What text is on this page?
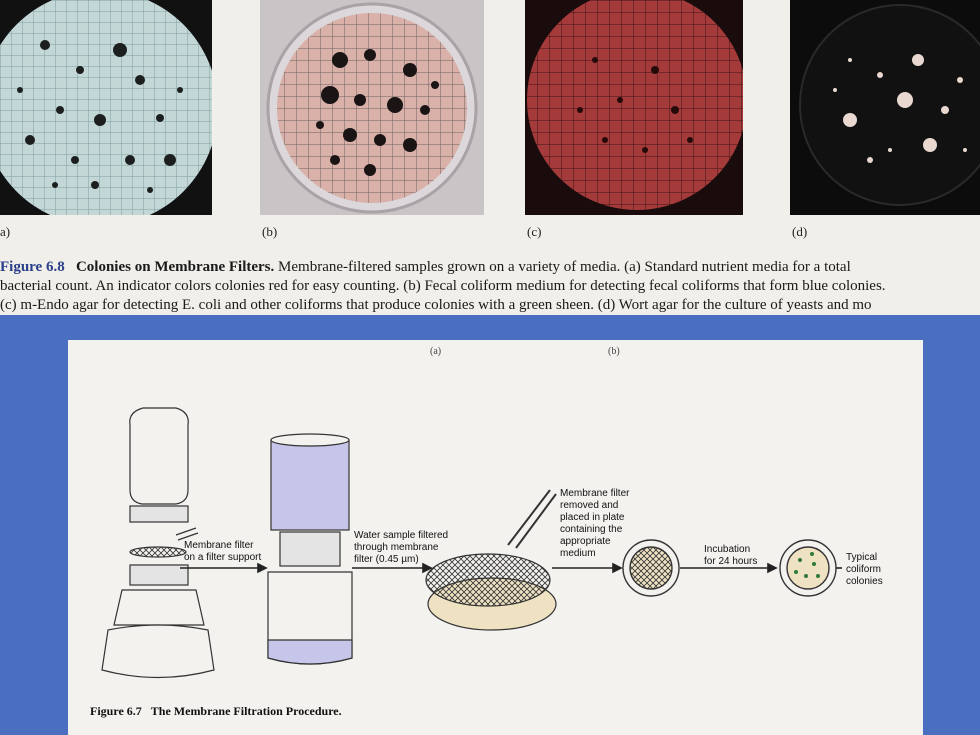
a)	(b)	(c)	(d)
Figure 6.8 Colonies on Membrane Filters. Membrane-filtered samples grown on a variety of media. (a) Standard nutrient media for a total
bacterial count. An indicator colors colonies red for easy counting. (b) Fecal coliform medium for detecting fecal coliforms that form blue colonies.
(c) m-Endo agar for detecting E. coli and other coliforms that produce colonies with a green sheen. (d) Wort agar for the culture of yeasts and mo
(a)	(b)
Membrane filter
on a filter support
Water sample filtered
through membrane
filter (0.45 µm)
Membrane filter
removed and
placed in plate
containing the
appropriate
medium	Incubation
for 24 hours	Typical
coliform
colonies
Figure 6.7 The Membrane Filtration Procedure.
